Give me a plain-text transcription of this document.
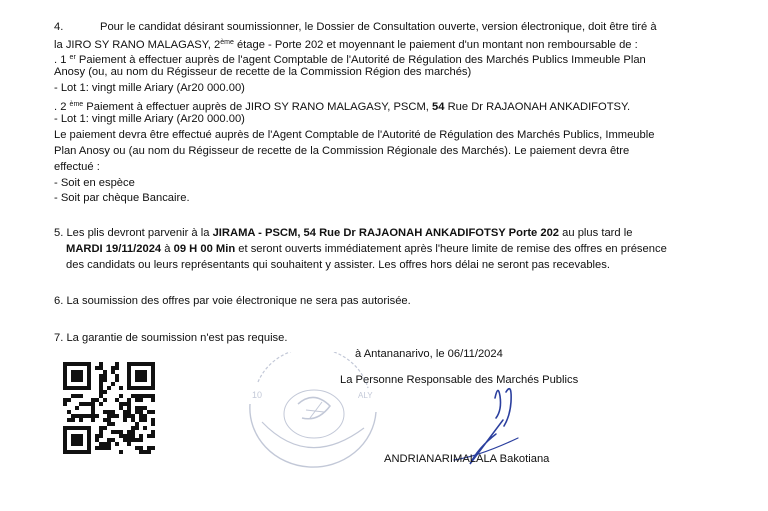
4.	Pour le candidat désirant soumissionner, le Dossier de Consultation ouverte, version électronique, doit être tiré à
la JIRO SY RANO MALAGASY, 2ème étage - Porte 202 et moyennant le paiement d'un montant non remboursable de :
. 1 $^{er}$ Paiement à effectuer auprès de l'agent Comptable de l'Autorité de Régulation des Marchés Publics Immeuble Plan
Anosy (ou, au nom du Régisseur de recette de la Commission Région des marchés)
- Lot 1: vingt mille Ariary (Ar20 000.00)
. 2 $^{ème}$ Paiement à effectuer auprès de JIRO SY RANO MALAGASY, PSCM, 54 Rue Dr RAJAONAH ANKADIFOTSY.
- Lot 1: vingt mille Ariary (Ar20 000.00)
Le paiement devra être effectué auprès de l'Agent Comptable de l'Autorité de Régulation des Marchés Publics, Immeuble
Plan Anosy ou (au nom du Régisseur de recette de la Commission Régionale des Marchés). Le paiement devra être
effectué :
- Soit en espèce
- Soit par chèque Bancaire.
5. Les plis devront parvenir à la JIRAMA - PSCM, 54 Rue Dr RAJAONAH ANKADIFOTSY Porte 202 au plus tard le
MARDI 19/11/2024 à 09 H 00 Min et seront ouverts immédiatement après l'heure limite de remise des offres en présence
des candidats ou leurs représentants qui souhaitent y assister. Les offres hors délai ne seront pas recevables.
6. La soumission des offres par voie électronique ne sera pas autorisée.
7. La garantie de soumission n'est pas requise.
à Antananarivo, le 06/11/2024
La Personne Responsable des Marchés Publics
10	ALY
ANDRIANARIMALALA Bakotiana
